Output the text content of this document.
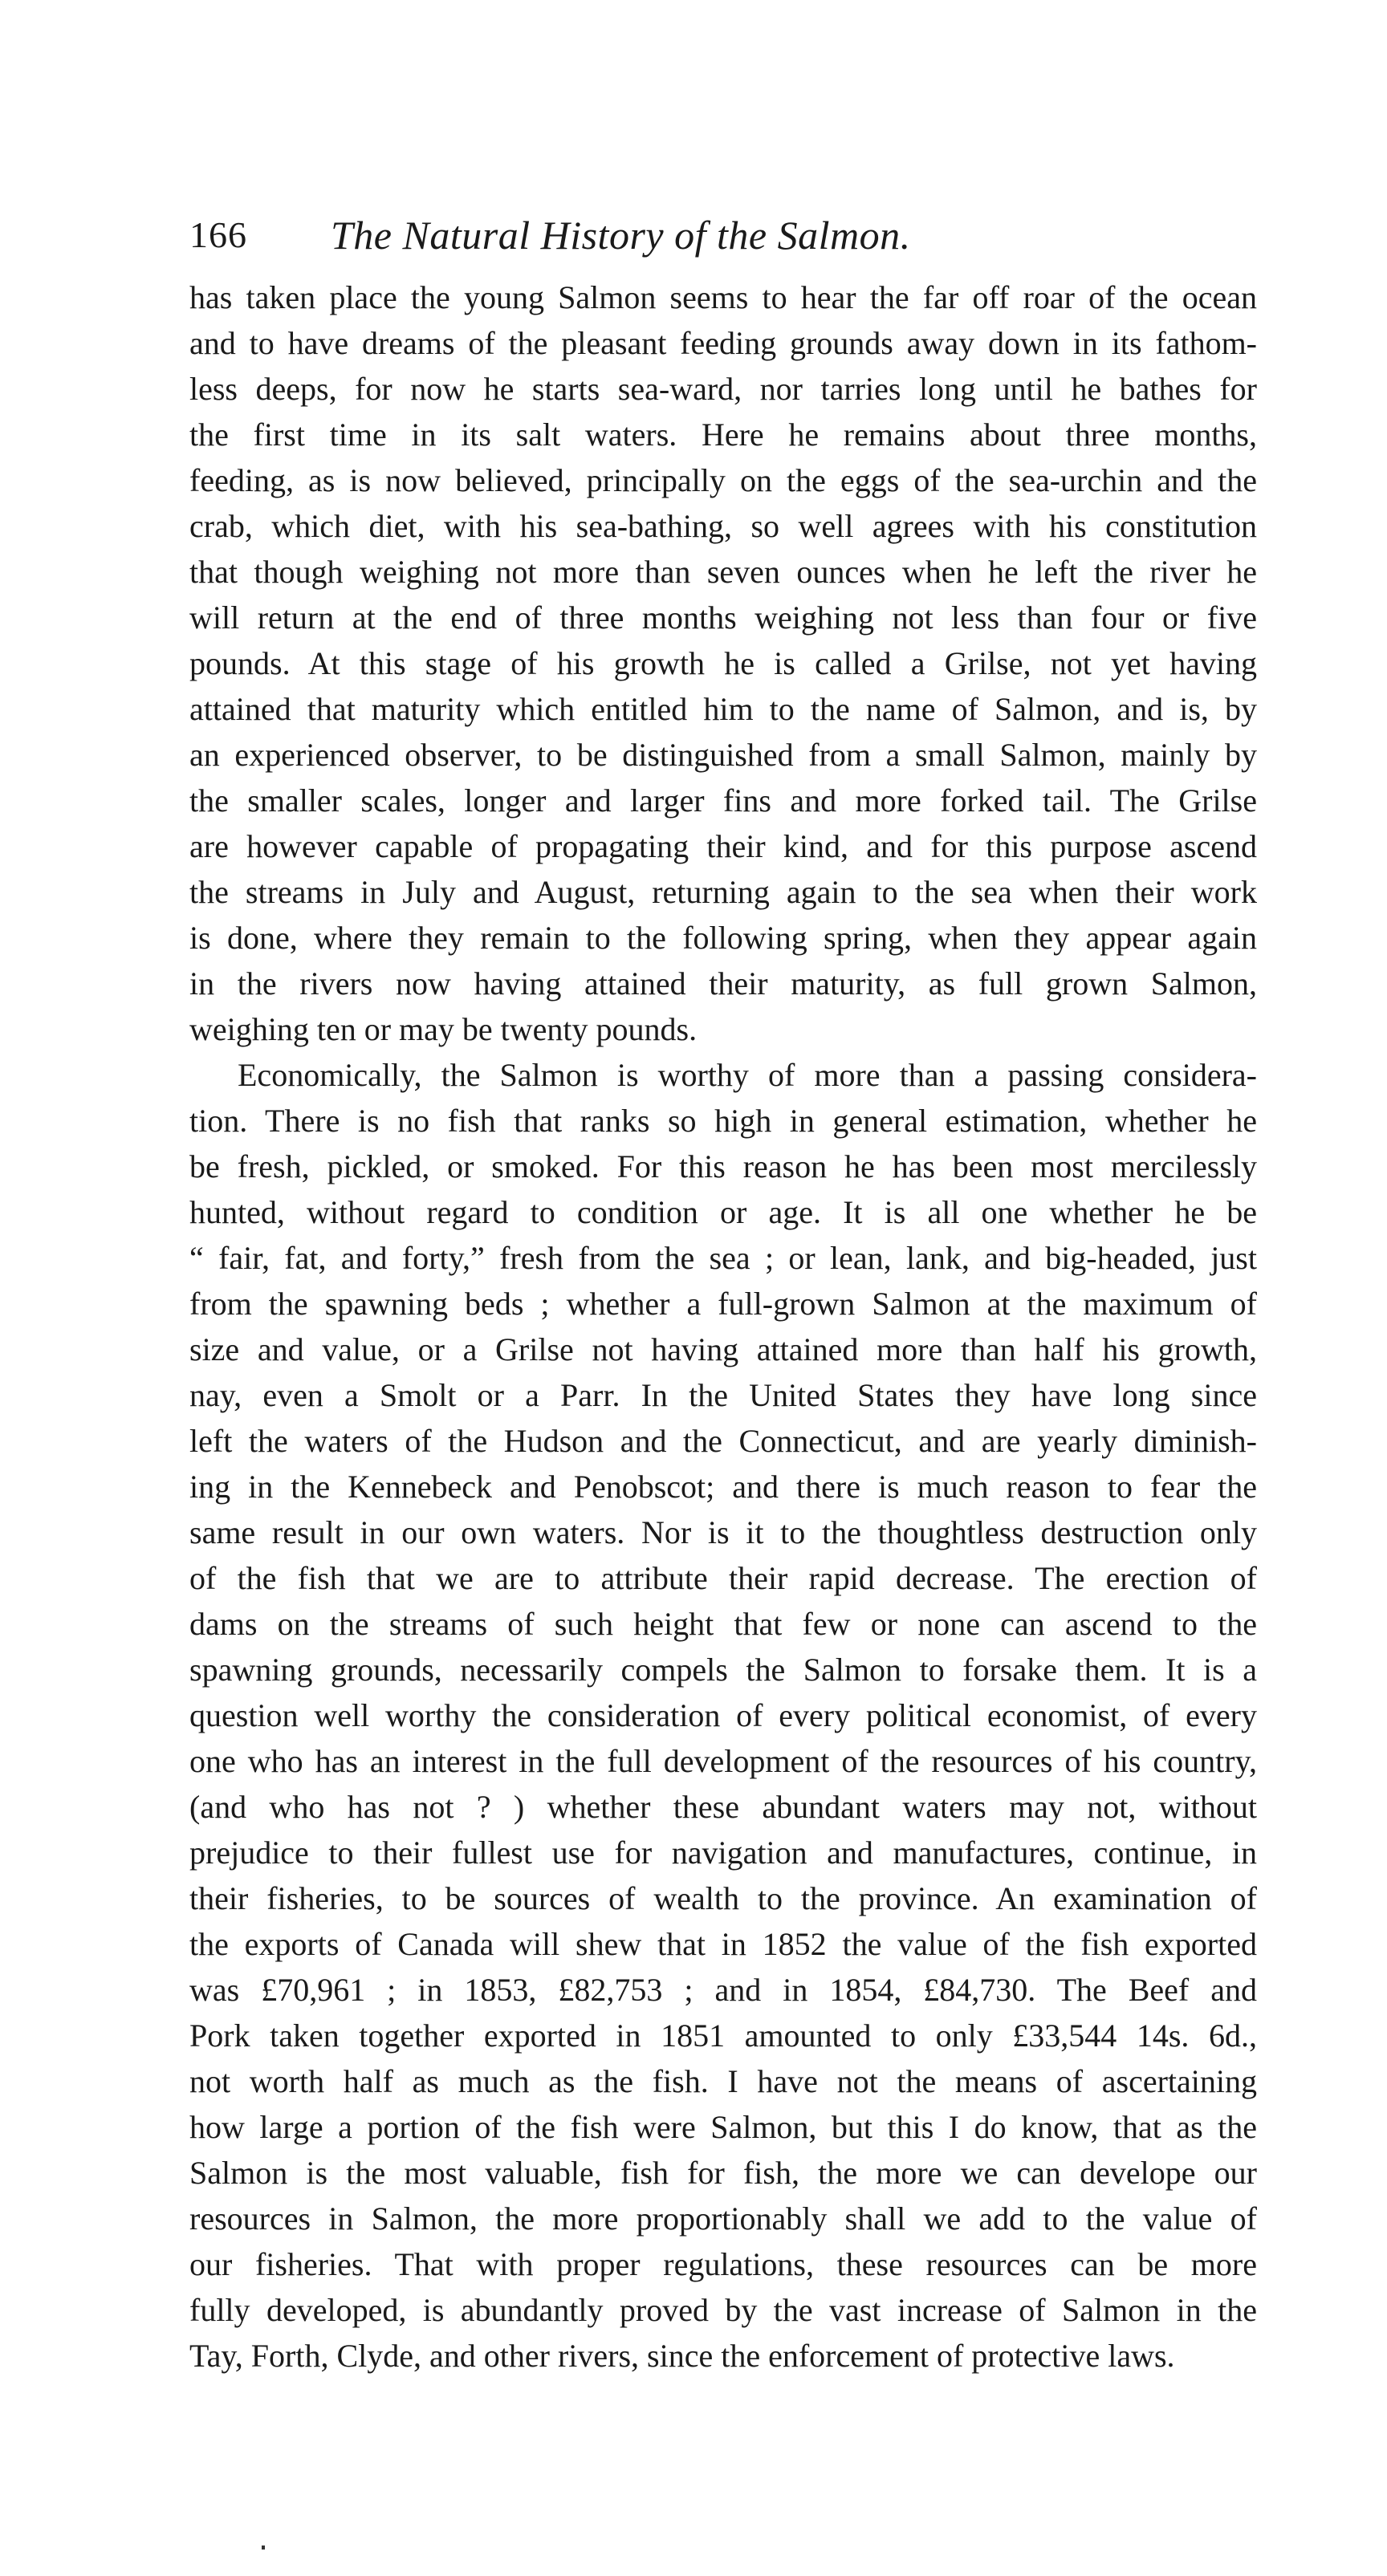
166 The Natural History of the Salmon.

has taken place the young Salmon seems to hear the far off roar of the ocean
and to have dreams of the pleasant feeding grounds away down in its fathom-
less deeps, for now he starts sea-ward, nor tarries long until he bathes for
the first time in its salt waters. Here he remains about three months,
feeding, as is now believed, principally on the eggs of the sea-urchin and the
crab, which diet, with his sea-bathing, so well agrees with his constitution
that though weighing not more than seven ounces when he left the river he
will return at the end of three months weighing not less than four or five
pounds. At this stage of his growth he is called a Grilse, not yet having
attained that maturity which entitled him to the name of Salmon, and is, by
an experienced observer, to be distinguished from a small Salmon, mainly by
the smaller scales, longer and larger fins and more forked tail. The Grilse
are however capable of propagating their kind, and for this purpose ascend
the streams in July and August, returning again to the sea when their work
is done, where they remain to the following spring, when they appear again
in the rivers now having attained their maturity, as full grown Salmon,
weighing ten or may be twenty pounds.

Economically, the Salmon is worthy of more than a passing considera-
tion. There is no fish that ranks so high in general estimation, whether he
be fresh, pickled, or smoked. For this reason he has been most mercilessly
hunted, without regard to condition or age. It is all one whether he be
“ fair, fat, and forty,” fresh from the sea ; or lean, lank, and big-headed, just
from the spawning beds ; whether a full-grown Salmon at the maximum of
size and value, or a Grilse not having attained more than half his growth,
nay, even a Smolt or a Parr. In the United States they have long since
left the waters of the Hudson and the Connecticut, and are yearly diminish-
ing in the Kennebeck and Penobscot; and there is much reason to fear the
same result in our own waters. Nor is it to the thoughtless destruction only
of the fish that we are to attribute their rapid decrease. The erection of
dams on the streams of such height that few or none can ascend to the
spawning grounds, necessarily compels the Salmon to forsake them. It is a
question well worthy the consideration of every political economist, of every
one who has an interest in the full development of the resources of his country,
(and who has not ? ) whether these abundant waters may not, without
prejudice to their fullest use for navigation and manufactures, continue, in
their fisheries, to be sources of wealth to the province. An examination of
the exports of Canada will shew that in 1852 the value of the fish exported
was £70,961 ; in 1853, £82,753 ; and in 1854, £84,730. The Beef and
Pork taken together exported in 1851 amounted to only £33,544 14s. 6d.,
not worth half as much as the fish. I have not the means of ascertaining
how large a portion of the fish were Salmon, but this I do know, that as the
Salmon is the most valuable, fish for fish, the more we can develope our
resources in Salmon, the more proportionably shall we add to the value of
our fisheries. That with proper regulations, these resources can be more
fully developed, is abundantly proved by the vast increase of Salmon in the
Tay, Forth, Clyde, and other rivers, since the enforcement of protective laws.
